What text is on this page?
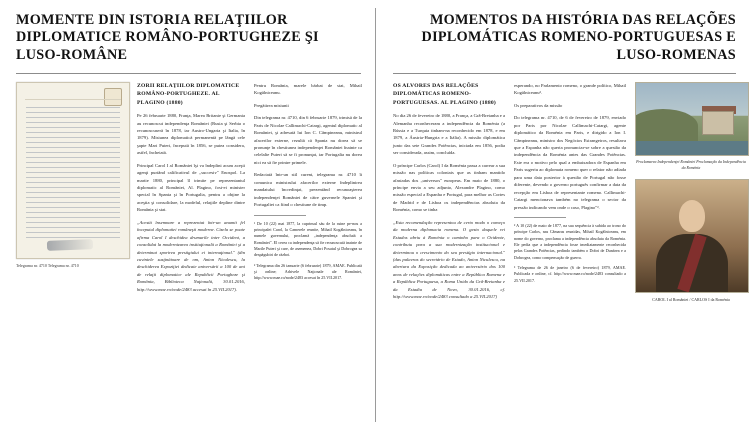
MOMENTE DIN ISTORIA RELAŢIILOR DIPLOMATICE ROMÂNO-PORTUGHEZE ŞI LUSO-ROMÂNE
Telegrama nr. 4710 Telegrama nr. 4710
ZORII RELAŢIILOR DIPLOMATICE ROMÂNO-PORTUGHEZE. AL PLAGINO (1880)

Pe 26 februarie 1880, Franţa, Marea Britanie şi Germania au recunoscut independenţa României (Rusia şi Serbia o recunoscuseră în 1878, iar Austro-Ungaria şi Italia, în 1879). Misiunea diplomatică permanentă pe lângă cele şapte Mari Puteri, începută în 1856, se putea considera, astfel, încheiată.

Principal Carol I al României îşi va îndeplini acum aceşti agenţi purtând calificativul de „succesiv" Enospol. La martie 1880, principal îl trimite pe reprezentantul diplomatic al României, Al. Plagino, fost-ei minister special în Spania şi în Portugalia, pentru a obţine la aceştia şi consolidare, la modelul, relaţiile depline dintre România şi stat.

„Acestă însemnare a reprezentat într-un anumit fel începutul diplomatiei româneşti moderne. Cizela se poate afirma Carol I deschidea drumurile inter Occident, a consolidat la modernizarea instituţională a României şi a determinat sporirea prestigiului ei internaţional." (din cuvintele susţinătoare de om, Anton Niculescu, la deschiderea Expoziţiei dedicate aniversării a 100 de ani de relaţii diplomatice ale Republicii Portugheze şi România, Biblioteca Naţională, 30.01.2016, http://www.mae.ro/node/2483 accesat în 25.VII.2017).

Pentru România, marele bărbat de stat, Mihail Kogălniceanu.

Pregătirea misiunii

Din telegrama nr. 4710, din 6 februarie 1879, trimisă de la Paris de Nicolae Callimachi-Catargi, agentul diplomatic al României, şi adresată lui Ion C. Câmpineanu, ministrul afacerilor externe, rezultă că Spania nu dorea să se pronunţe în chestiunea independenţei României înainte ca celelalte Puteri să se fi pronunţat, iar Portugalia nu dorea nici ea să fie printre primele.

Redactată într-un stil curent, telegrama nr. 4710 îi comunica ministrului afacerilor externe îndeplinirea mandatului încredinţat, prezentând recunoaşterea independenţei României de către guvernele Spaniei şi Portugaliei ca fiind o chestiune de timp.

¹ De 10 (22) mai 1877, la cuprinsul său de la ruine pe-nou a principalei Carol, la Camerele reunite, Mihail Kogălniceanu, în numele guvernului, proclamă „independenţa absolută a României". El cerea ca independenţa să fie recunoscută inainte de Marile Puteri şi care, de asemenea, Dobri Posatul şi Dobrogea sa despăgubiri de război.

² Telegrama din 26 ianuarie (6 februarie) 1879, AMAE. Publicată şi online; Arhivele Naţionale ale României, http://www.mae.ro/node/2483 accesat în 25.VII.2017.

MOMENTOS DA HISTÓRIA DAS RELAÇÕES DIPLOMÁTICAS ROMENO-PORTUGUESAS E LUSO-ROMENAS
OS ALVORES DAS RELAÇÕES DIPLOMÁTICAS ROMENO-PORTUGUESAS. AL PLAGINO (1880)

No dia 26 de fevereiro de 1880, a França, a Grã-Bretanha e a Alemanha reconheceram a independência da Roménia (a Rússia e a Turquia tinham-na reconhecido em 1878, e em 1879, a Áustria-Hungria e a Itália). A missão diplomática junto das sete Grandes Potências, iniciada em 1856, podia ser considerada, assim, concluída.

O príncipe Carlos (Carol) I da Roménia passa a carrear a sua missão nas políticas coloniais que as tinham mantido afastadas dos „universos" europeus. Em maio de 1880, o príncipe envia a seu adjunto, Alexandre Plagino, como missão especial a Espanha e Portugal, para melhor as Cortes de Madrid e de Lisboa os independências absoluta da Roménia, como se tinha

„Esta recomendação representou de certo modo o começo da moderna diplomacia romena. O gesto daquele rei Estados abriu à Roménia o caminho para o Ocidente, contribuiu para a sua modernização institucional e determinou o crescimento do seu prestígio internacional." (das palavras do secretário de Estado, Anton Niculescu, na abertura da Exposição dedicada ao aniversário dos 100 anos de relações diplomáticas entre a República Romena e a República Portuguesa, a Roma Unido da Grã-Bretanha e da Estadia de Novo, 30.01.2016, cf. http://www.mae.ro/node/2483 consultado a 25.VII.2017)

esperando, no Parlamento romeno, o grande político, Mihail Kogălniceanu².

Os preparativos da missão

Do telegrama nr. 4710, de 6 de fevereiro de 1879, enviado por Paris por Nicolae Callimachi-Catargi, agente diplomático da Roménia em Paris, e dirigido a Ion I. Câmpineanu, ministro dos Negócios Estrangeiros, resultava que a Espanha não queria pronunciar-se sobre a questão da independência da Roménia antes das Grandes Potências. Este era o motivo pelo qual a embaixadora de Espanha em Paris sugeriu ao diplomata romeno quer o relator não adiada para uma data posterior à questão de Portugal não fosse diferente, devendo o governo português confirmar a data da recepção em Lisboa de representante romeno. Callimachi-Catargi mencionava também no telegrama o sector da pressão indicando vem onde o caso, Plagino"³.

² A 10 (22) de maio de 1877, na sua sequência à subida ao trono do príncipe Carlos, nas Câmaras reunidas, Mihail Kogălniceanu, em nome do governo, proclama a independência absoluta da Roménia. Ele pedia que a independência fosse imediatamente reconhecida pelas Grandes Potências, pedindo também o Dobri de Dunărea e a Dobrogea, como compensação de guerra.

³ Telegrama de 26 de janeiro (6 de fevereiro) 1879, AMAE. Publicada e online, cf. http://www.mae.ro/node/2483 consultado a 25.VII.2017.

Proclamarea Independenţei României Proclamação da Independência da Roménia
CAROL I al României / CARLOS I da Roménia
